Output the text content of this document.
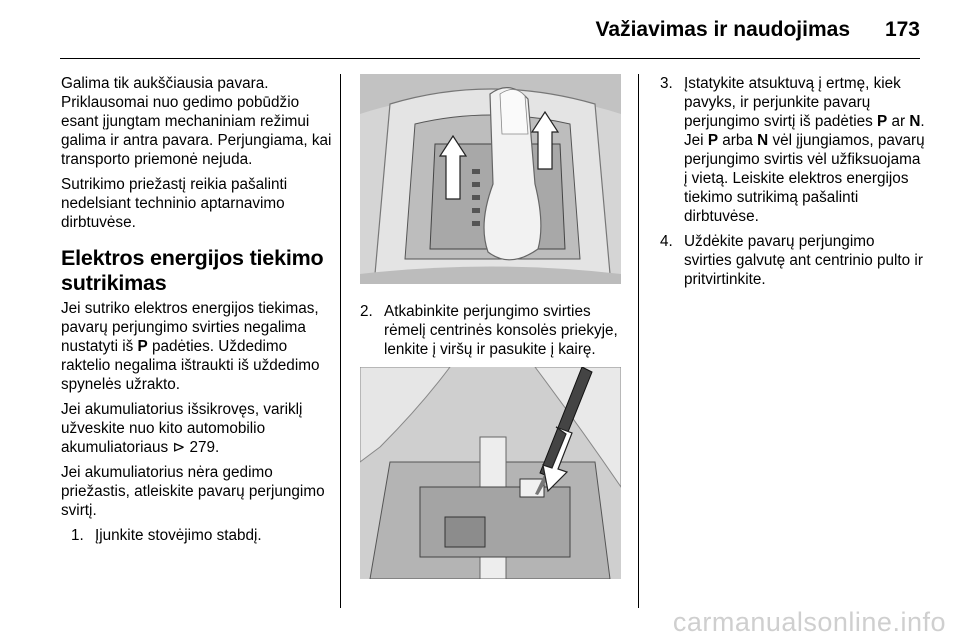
Važiavimas ir naudojimas 173

Galima tik aukščiausia pavara. Priklausomai nuo gedimo pobūdžio esant įjungtam mechaniniam režimui galima ir antra pavara. Perjungiama, kai transporto priemonė nejuda.

Sutrikimo priežastį reikia pašalinti nedelsiant techninio aptarnavimo dirbtuvėse.

Elektros energijos tiekimo sutrikimas

Jei sutriko elektros energijos tiekimas, pavarų perjungimo svirties negalima nustatyti iš P padėties. Uždedimo raktelio negalima ištraukti iš uždedimo spynelės užrakto.

Jei akumuliatorius išsikrovęs, variklį užveskite nuo kito automobilio akumuliatoriaus ⊳ 279.

Jei akumuliatorius nėra gedimo priežastis, atleiskite pavarų perjungimo svirtį.

1. Įjunkite stovėjimo stabdį.
2. Atkabinkite perjungimo svirties rėmelį centrinės konsolės priekyje, lenkite į viršų ir pasukite į kairę.
3. Įstatykite atsuktuvą į ertmę, kiek pavyks, ir perjunkite pavarų perjungimo svirtį iš padėties P ar N. Jei P arba N vėl įjungiamos, pavarų perjungimo svirtis vėl užfiksuojama į vietą. Leiskite elektros energijos tiekimo sutrikimą pašalinti dirbtuvėse.
4. Uždėkite pavarų perjungimo svirties galvutę ant centrinio pulto ir pritvirtinkite.
carmanualsonline.info
